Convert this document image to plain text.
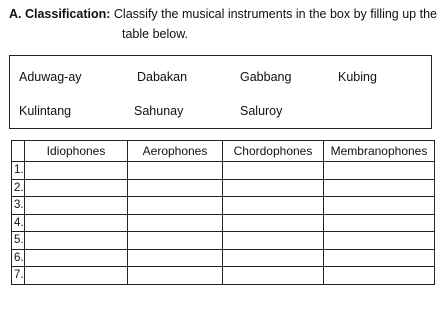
A. Classification: Classify the musical instruments in the box by filling up the
table below.
Aduwag-ay	Dabakan	Gabbang	Kubing
Kulintang	Sahunay	Saluroy
	Idiophones	Aerophones	Chordophones	Membranophones
1.				
2.				
3.				
4.				
5.				
6.				
7.				
